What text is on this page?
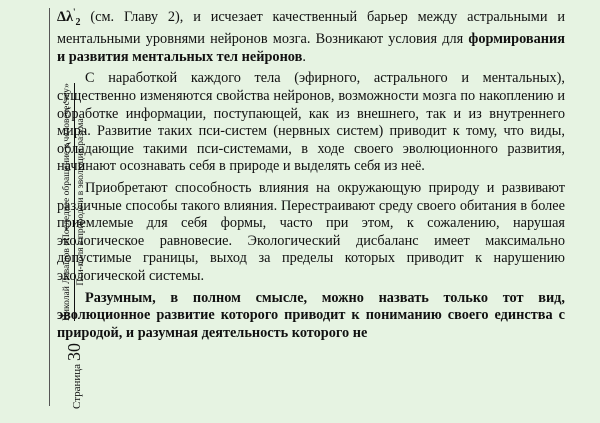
Страница
30
Николай Левашов «Последнее обращение к человечеству» Пси-поля в природе и в эволюции разума

$\Delta\lambda'_2$ (см. Главу 2), и исчезает качественный барьер между астральными и ментальными уровнями нейронов мозга. Возникают условия для формирования и развития ментальных тел нейронов.

С наработкой каждого тела (эфирного, астрального и ментальных), существенно изменяются свойства нейронов, возможности мозга по накоплению и обработке информации, поступающей, как из внешнего, так и из внутреннего мира. Развитие таких пси-систем (нервных систем) приводит к тому, что виды, обладающие такими пси-системами, в ходе своего эволюционного развития, начинают осознавать себя в природе и выделять себя из неё.

Приобретают способность влияния на окружающую природу и развивают различные способы такого влияния. Перестраивают среду своего обитания в более приемлемые для себя формы, часто при этом, к сожалению, нарушая экологическое равновесие. Экологический дисбаланс имеет максимально допустимые границы, выход за пределы которых приводит к нарушению экологической системы.

Разумным, в полном смысле, можно назвать только тот вид, эволюционное развитие которого приводит к пониманию своего единства с природой, и разумная деятельность которого не
